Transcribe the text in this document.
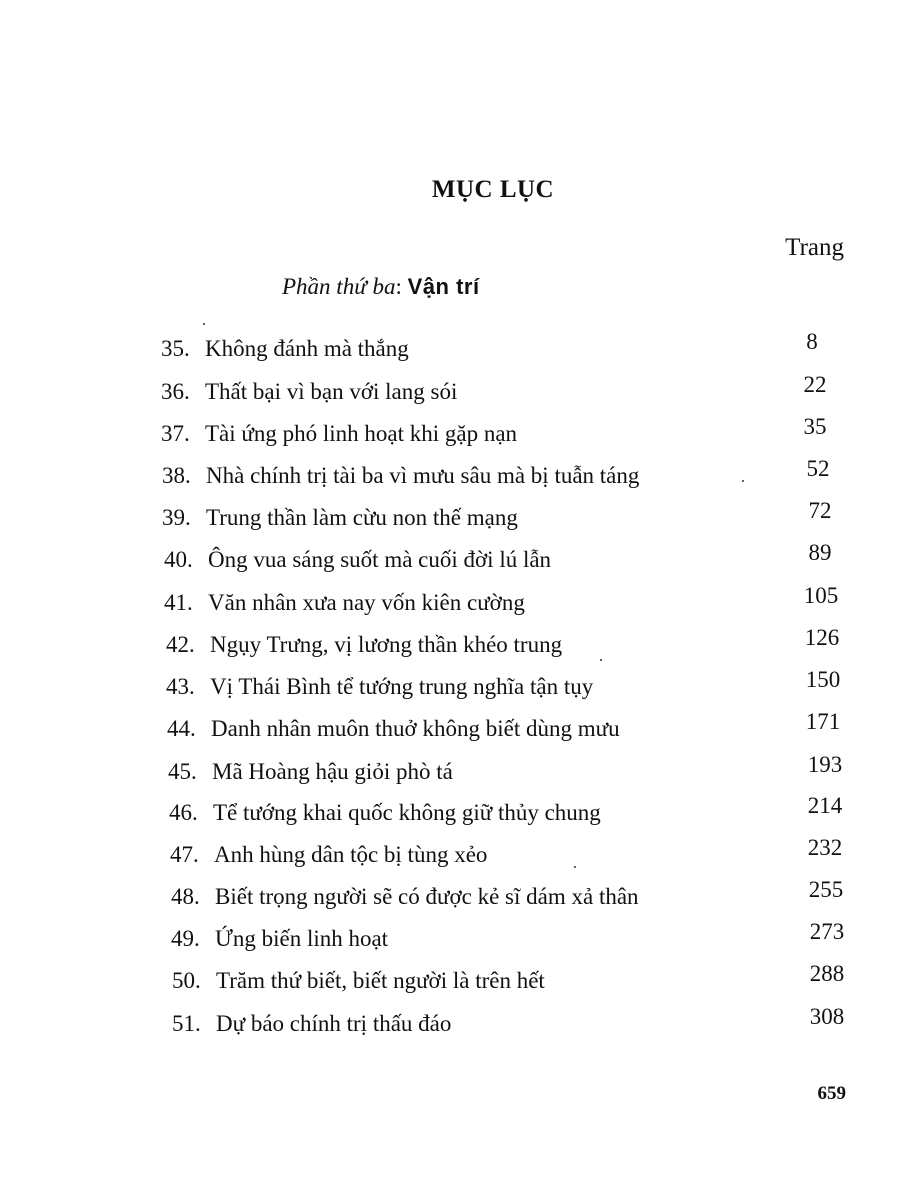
MỤC LỤC
Trang
Phần thứ ba: Vận trí
35. Không đánh mà thắng	8
36. Thất bại vì bạn với lang sói	22
37. Tài ứng phó linh hoạt khi gặp nạn	35
38. Nhà chính trị tài ba vì mưu sâu mà bị tuẫn táng	52
39. Trung thần làm cừu non thế mạng	72
40. Ông vua sáng suốt mà cuối đời lú lẫn	89
41. Văn nhân xưa nay vốn kiên cường	105
42. Ngụy Trưng, vị lương thần khéo trung	126
43. Vị Thái Bình tể tướng trung nghĩa tận tụy	150
44. Danh nhân muôn thuở không biết dùng mưu	171
45. Mã Hoàng hậu giỏi phò tá	193
46. Tể tướng khai quốc không giữ thủy chung	214
47. Anh hùng dân tộc bị tùng xẻo	232
48. Biết trọng người sẽ có được kẻ sĩ dám xả thân	255
49. Ứng biến linh hoạt	273
50. Trăm thứ biết, biết người là trên hết	288
51. Dự báo chính trị thấu đáo	308
659
